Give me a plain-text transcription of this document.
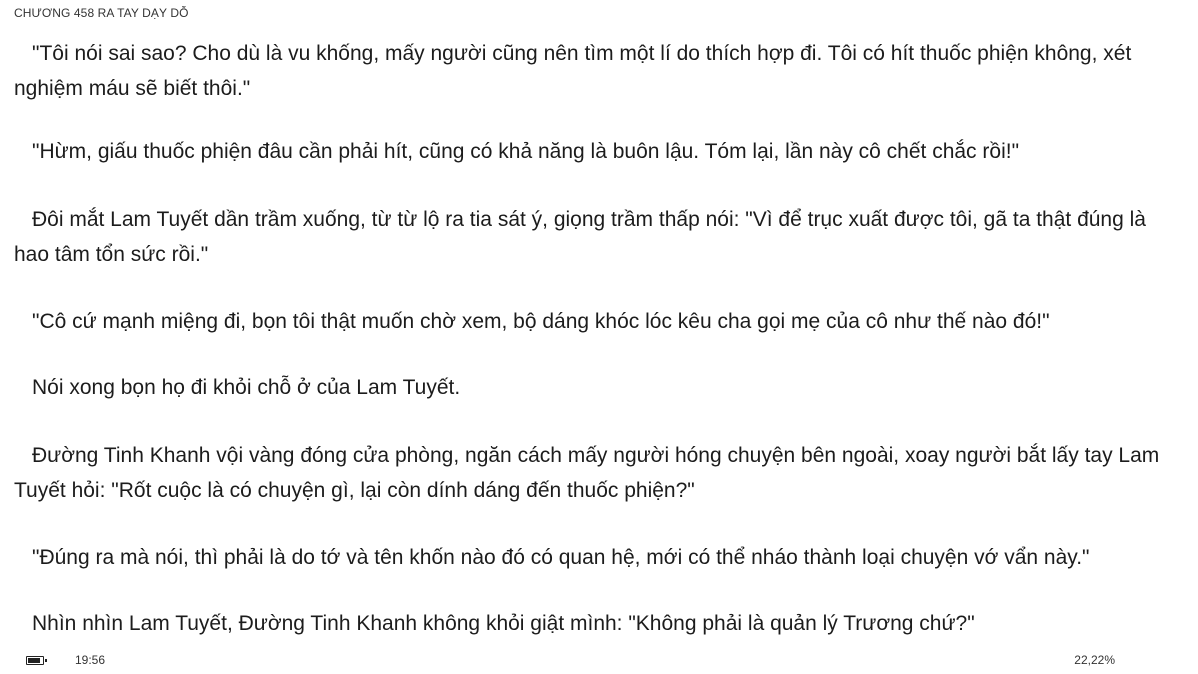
CHƯƠNG 458 RA TAY DẠY DỖ

"Tôi nói sai sao? Cho dù là vu khống, mấy người cũng nên tìm một lí do thích hợp đi. Tôi có hít thuốc phiện không, xét nghiệm máu sẽ biết thôi."

"Hừm, giấu thuốc phiện đâu cần phải hít, cũng có khả năng là buôn lậu. Tóm lại, lần này cô chết chắc rồi!"

Đôi mắt Lam Tuyết dần trầm xuống, từ từ lộ ra tia sát ý, giọng trầm thấp nói: "Vì để trục xuất được tôi, gã ta thật đúng là hao tâm tổn sức rồi."

"Cô cứ mạnh miệng đi, bọn tôi thật muốn chờ xem, bộ dáng khóc lóc kêu cha gọi mẹ của cô như thế nào đó!"

Nói xong bọn họ đi khỏi chỗ ở của Lam Tuyết.

Đường Tinh Khanh vội vàng đóng cửa phòng, ngăn cách mấy người hóng chuyện bên ngoài, xoay người bắt lấy tay Lam Tuyết hỏi: "Rốt cuộc là có chuyện gì, lại còn dính dáng đến thuốc phiện?"

"Đúng ra mà nói, thì phải là do tớ và tên khốn nào đó có quan hệ, mới có thể nháo thành loại chuyện vớ vẩn này."

Nhìn nhìn Lam Tuyết, Đường Tinh Khanh không khỏi giật mình: "Không phải là quản lý Trương chứ?"

19:56	22,22%
